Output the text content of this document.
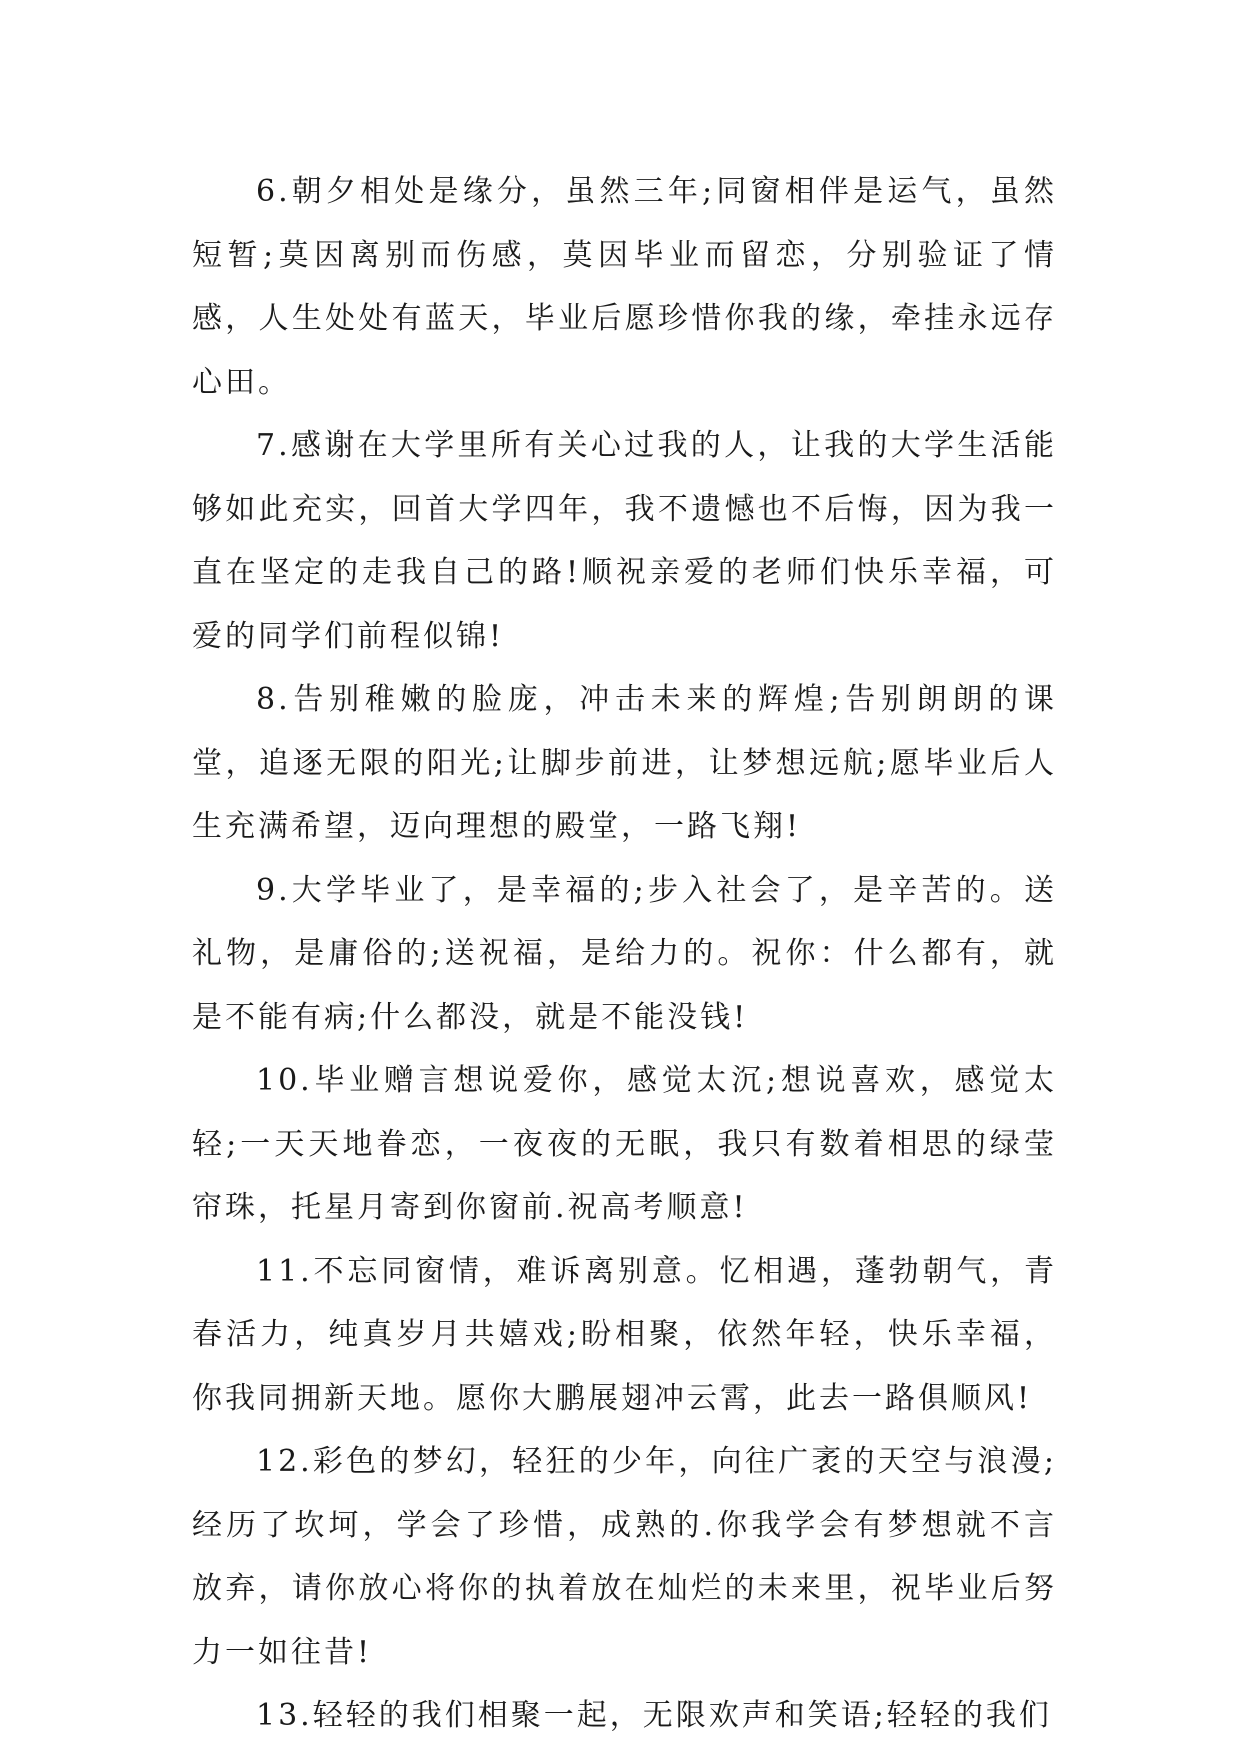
6.朝夕相处是缘分，虽然三年;同窗相伴是运气，虽然短暂;莫因离别而伤感，莫因毕业而留恋，分别验证了情感，人生处处有蓝天，毕业后愿珍惜你我的缘，牵挂永远存心田。

7.感谢在大学里所有关心过我的人，让我的大学生活能够如此充实，回首大学四年，我不遗憾也不后悔，因为我一直在坚定的走我自己的路!顺祝亲爱的老师们快乐幸福，可爱的同学们前程似锦!

8.告别稚嫩的脸庞，冲击未来的辉煌;告别朗朗的课堂，追逐无限的阳光;让脚步前进，让梦想远航;愿毕业后人生充满希望，迈向理想的殿堂，一路飞翔!

9.大学毕业了，是幸福的;步入社会了，是辛苦的。送礼物，是庸俗的;送祝福，是给力的。祝你：什么都有，就是不能有病;什么都没，就是不能没钱!

10.毕业赠言想说爱你，感觉太沉;想说喜欢，感觉太轻;一天天地眷恋，一夜夜的无眠，我只有数着相思的绿莹帘珠，托星月寄到你窗前.祝高考顺意!

11.不忘同窗情，难诉离别意。忆相遇，蓬勃朝气，青春活力，纯真岁月共嬉戏;盼相聚，依然年轻，快乐幸福，你我同拥新天地。愿你大鹏展翅冲云霄，此去一路俱顺风!

12.彩色的梦幻，轻狂的少年，向往广袤的天空与浪漫;经历了坎坷，学会了珍惜，成熟的.你我学会有梦想就不言放弃，请你放心将你的执着放在灿烂的未来里，祝毕业后努力一如往昔!

13.轻轻的我们相聚一起，无限欢声和笑语;轻轻的我们
